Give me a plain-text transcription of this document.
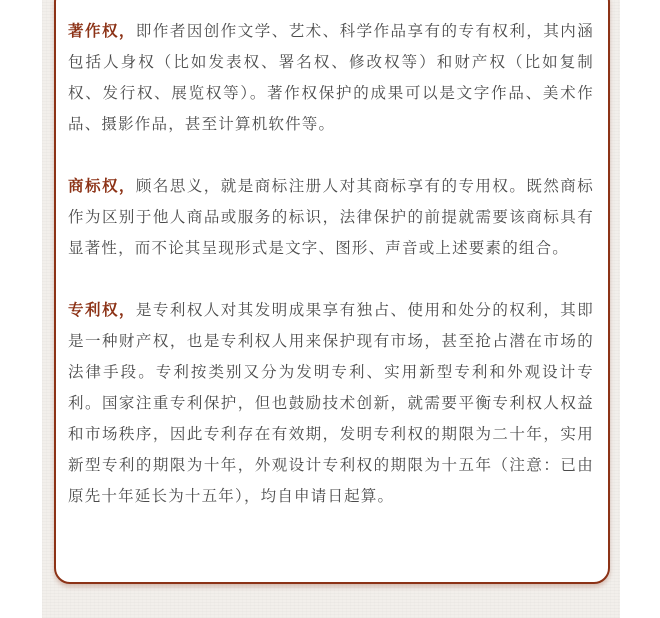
著作权，即作者因创作文学、艺术、科学作品享有的专有权利，其内涵包括人身权（比如发表权、署名权、修改权等）和财产权（比如复制权、发行权、展览权等）。著作权保护的成果可以是文字作品、美术作品、摄影作品，甚至计算机软件等。

商标权，顾名思义，就是商标注册人对其商标享有的专用权。既然商标作为区别于他人商品或服务的标识，法律保护的前提就需要该商标具有显著性，而不论其呈现形式是文字、图形、声音或上述要素的组合。

专利权，是专利权人对其发明成果享有独占、使用和处分的权利，其即是一种财产权，也是专利权人用来保护现有市场，甚至抢占潜在市场的法律手段。专利按类别又分为发明专利、实用新型专利和外观设计专利。国家注重专利保护，但也鼓励技术创新，就需要平衡专利权人权益和市场秩序，因此专利存在有效期，发明专利权的期限为二十年，实用新型专利的期限为十年，外观设计专利权的期限为十五年（注意：已由原先十年延长为十五年），均自申请日起算。
